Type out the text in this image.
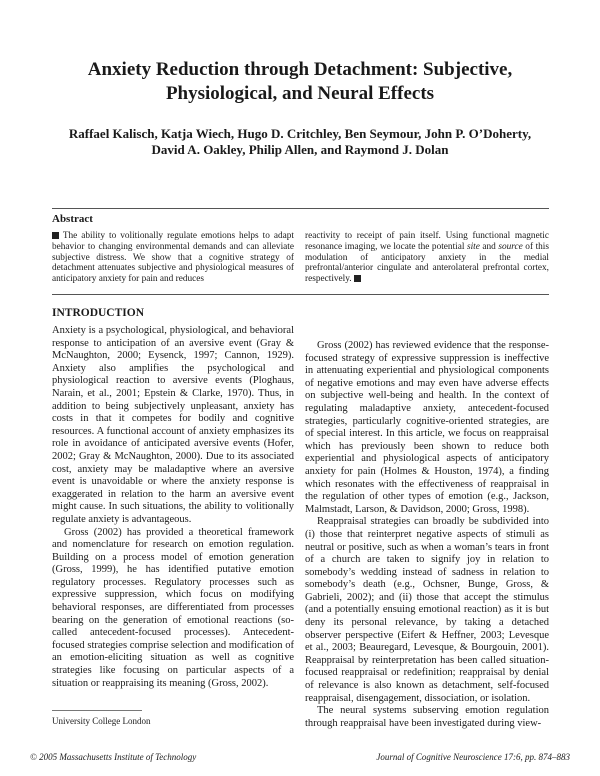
Anxiety Reduction through Detachment: Subjective, Physiological, and Neural Effects
Raffael Kalisch, Katja Wiech, Hugo D. Critchley, Ben Seymour, John P. O’Doherty, David A. Oakley, Philip Allen, and Raymond J. Dolan
Abstract

The ability to volitionally regulate emotions helps to adapt behavior to changing environmental demands and can alleviate subjective distress. We show that a cognitive strategy of detachment attenuates subjective and physiological measures of anticipatory anxiety for pain and reduces

reactivity to receipt of pain itself. Using functional magnetic resonance imaging, we locate the potential site and source of this modulation of anticipatory anxiety in the medial prefrontal/anterior cingulate and anterolateral prefrontal cortex, respectively.

INTRODUCTION

Anxiety is a psychological, physiological, and behavioral response to anticipation of an aversive event (Gray & McNaughton, 2000; Eysenck, 1997; Cannon, 1929). Anxiety also amplifies the psychological and physiological reaction to aversive events (Ploghaus, Narain, et al., 2001; Epstein & Clarke, 1970). Thus, in addition to being subjectively unpleasant, anxiety has costs in that it competes for bodily and cognitive resources. A functional account of anxiety emphasizes its role in avoidance of anticipated aversive events (Hofer, 2002; Gray & McNaughton, 2000). Due to its associated cost, anxiety may be maladaptive where an aversive event is unavoidable or where the anxiety response is exaggerated in relation to the harm an aversive event might cause. In such situations, the ability to volitionally regulate anxiety is advantageous.

Gross (2002) has provided a theoretical framework and nomenclature for research on emotion regulation. Building on a process model of emotion generation (Gross, 1999), he has identified putative emotion regulatory processes. Regulatory processes such as expressive suppression, which focus on modifying behavioral responses, are differentiated from processes bearing on the generation of emotional reactions (so-called antecedent-focused processes). Antecedent-focused strategies comprise selection and modification of an emotion-eliciting situation as well as cognitive strategies like focusing on particular aspects of a situation or reappraising its meaning (Gross, 2002).

Gross (2002) has reviewed evidence that the response-focused strategy of expressive suppression is ineffective in attenuating experiential and physiological components of negative emotions and may even have adverse effects on subjective well-being and health. In the context of regulating maladaptive anxiety, antecedent-focused strategies, particularly cognitive-oriented strategies, are of special interest. In this article, we focus on reappraisal which has previously been shown to reduce both experiential and physiological aspects of anticipatory anxiety for pain (Holmes & Houston, 1974), a finding which resonates with the effectiveness of reappraisal in the regulation of other types of emotion (e.g., Jackson, Malmstadt, Larson, & Davidson, 2000; Gross, 1998).

Reappraisal strategies can broadly be subdivided into (i) those that reinterpret negative aspects of stimuli as neutral or positive, such as when a woman’s tears in front of a church are taken to signify joy in relation to somebody’s wedding instead of sadness in relation to somebody’s death (e.g., Ochsner, Bunge, Gross, & Gabrieli, 2002); and (ii) those that accept the stimulus (and a potentially ensuing emotional reaction) as it is but deny its personal relevance, by taking a detached observer perspective (Eifert & Heffner, 2003; Levesque et al., 2003; Beauregard, Levesque, & Bourgouin, 2001). Reappraisal by reinterpretation has been called situation-focused reappraisal or redefinition; reappraisal by denial of relevance is also known as detachment, self-focused reappraisal, disengagement, dissociation, or isolation.

The neural systems subserving emotion regulation through reappraisal have been investigated during view-

University College London
© 2005 Massachusetts Institute of Technology	Journal of Cognitive Neuroscience 17:6, pp. 874–883
